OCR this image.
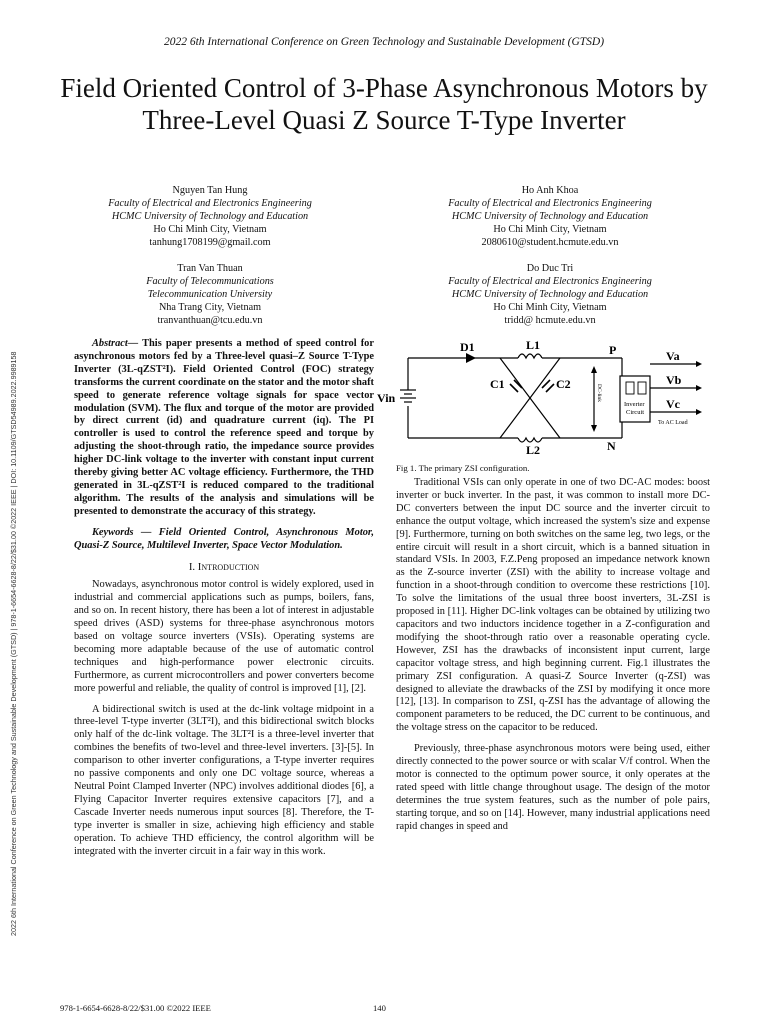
2022 6th International Conference on Green Technology and Sustainable Development (GTSD)
Field Oriented Control of 3-Phase Asynchronous Motors by Three-Level Quasi Z Source T-Type Inverter
Nguyen Tan Hung
Faculty of Electrical and Electronics Engineering
HCMC University of Technology and Education
Ho Chi Minh City, Vietnam
tanhung1708199@gmail.com
Ho Anh Khoa
Faculty of Electrical and Electronics Engineering
HCMC University of Technology and Education
Ho Chi Minh City, Vietnam
2080610@student.hcmute.edu.vn
Tran Van Thuan
Faculty of Telecommunications
Telecommunication University
Nha Trang City, Vietnam
tranvanthuan@tcu.edu.vn
Do Duc Tri
Faculty of Electrical and Electronics Engineering
HCMC University of Technology and Education
Ho Chi Minh City, Vietnam
tridd@ hcmute.edu.vn
2022 6th International Conference on Green Technology and Sustainable Development (GTSD) | 978-1-6654-6628-8/22/$31.00 ©2022 IEEE | DOI: 10.1109/GTSD54989.2022.9989158

Abstract— This paper presents a method of speed control for asynchronous motors fed by a Three-level quasi–Z Source T-Type Inverter (3L-qZST²I). Field Oriented Control (FOC) strategy transforms the current coordinate on the stator and the motor shaft speed to generate reference voltage signals for space vector modulation (SVM). The flux and torque of the motor are provided by direct current (id) and quadrature current (iq). The PI controller is used to control the reference speed and torque by adjusting the shoot-through ratio, the impedance source provides higher DC-link voltage to the inverter with constant input current thereby giving better AC voltage efficiency. Furthermore, the THD generated in 3L-qZST²I is reduced compared to the traditional algorithm. The results of the analysis and simulations will be presented to demonstrate the accuracy of this strategy.

Keywords — Field Oriented Control, Asynchronous Motor, Quasi-Z Source, Multilevel Inverter, Space Vector Modulation.

I. Introduction

Nowadays, asynchronous motor control is widely explored, used in industrial and commercial applications such as pumps, boilers, fans, and so on. In recent history, there has been a lot of interest in adjustable speed drives (ASD) systems for three-phase asynchronous motors based on voltage source inverters (VSIs). Operating systems are becoming more adaptable because of the use of automatic control techniques and high-performance power electronic circuits. Furthermore, as current microcontrollers and power converters become more powerful and reliable, the quality of control is improved [1], [2].

A bidirectional switch is used at the dc-link voltage midpoint in a three-level T-type inverter (3LT²I), and this bidirectional switch blocks only half of the dc-link voltage. The 3LT²I is a three-level inverter that combines the benefits of two-level and three-level inverters. [3]-[5]. In comparison to other inverter configurations, a T-type inverter requires no passive components and only one DC voltage source, whereas a Neutral Point Clamped Inverter (NPC) involves additional diodes [6], a Flying Capacitor Inverter requires extensive capacitors [7], and a Cascade Inverter needs numerous input sources [8]. Therefore, the T-type inverter is smaller in size, achieving high efficiency and stable operation. To achieve THD efficiency, the control algorithm will be integrated with the inverter circuit in a fair way in this work.

D1	L1
L2
C1	C2
Vin
P
N
Va
Vb
Vc
Inverter
Circuit
To AC Load
DC-link
Fig 1. The primary ZSI configuration.

Traditional VSIs can only operate in one of two DC-AC modes: boost inverter or buck inverter. In the past, it was common to install more DC-DC converters between the input DC source and the inverter circuit to enhance the output voltage, which increased the system's size and expense [9]. Furthermore, turning on both switches on the same leg, two legs, or the entire circuit will result in a short circuit, which is a banned situation in standard VSIs. In 2003, F.Z.Peng proposed an impedance network known as the Z-source inverter (ZSI) with the ability to increase voltage and function in a shoot-through condition to overcome these restrictions [10]. To solve the limitations of the usual three boost inverters, 3L-ZSI is proposed in [11]. Higher DC-link voltages can be obtained by utilizing two capacitors and two inductors incidence together in a Z-configuration and modifying the shoot-through ratio over a reasonable operating cycle. However, ZSI has the drawbacks of inconsistent input current, large capacitor voltage stress, and high beginning current. Fig.1 illustrates the primary ZSI configuration. A quasi-Z Source Inverter (q-ZSI) was designed to alleviate the drawbacks of the ZSI by modifying it once more [12], [13]. In comparison to ZSI, q-ZSI has the advantage of allowing the component parameters to be reduced, the DC current to be continuous, and the voltage stress on the capacitor to be reduced.

Previously, three-phase asynchronous motors were being used, either directly connected to the power source or with scalar V/f control. When the motor is connected to the optimum power source, it only operates at the rated speed with little change throughout usage. The design of the motor determines the true system features, such as the number of pole pairs, starting torque, and so on [14]. However, many industrial applications need rapid changes in speed and

978-1-6654-6628-8/22/$31.00 ©2022 IEEE	140
